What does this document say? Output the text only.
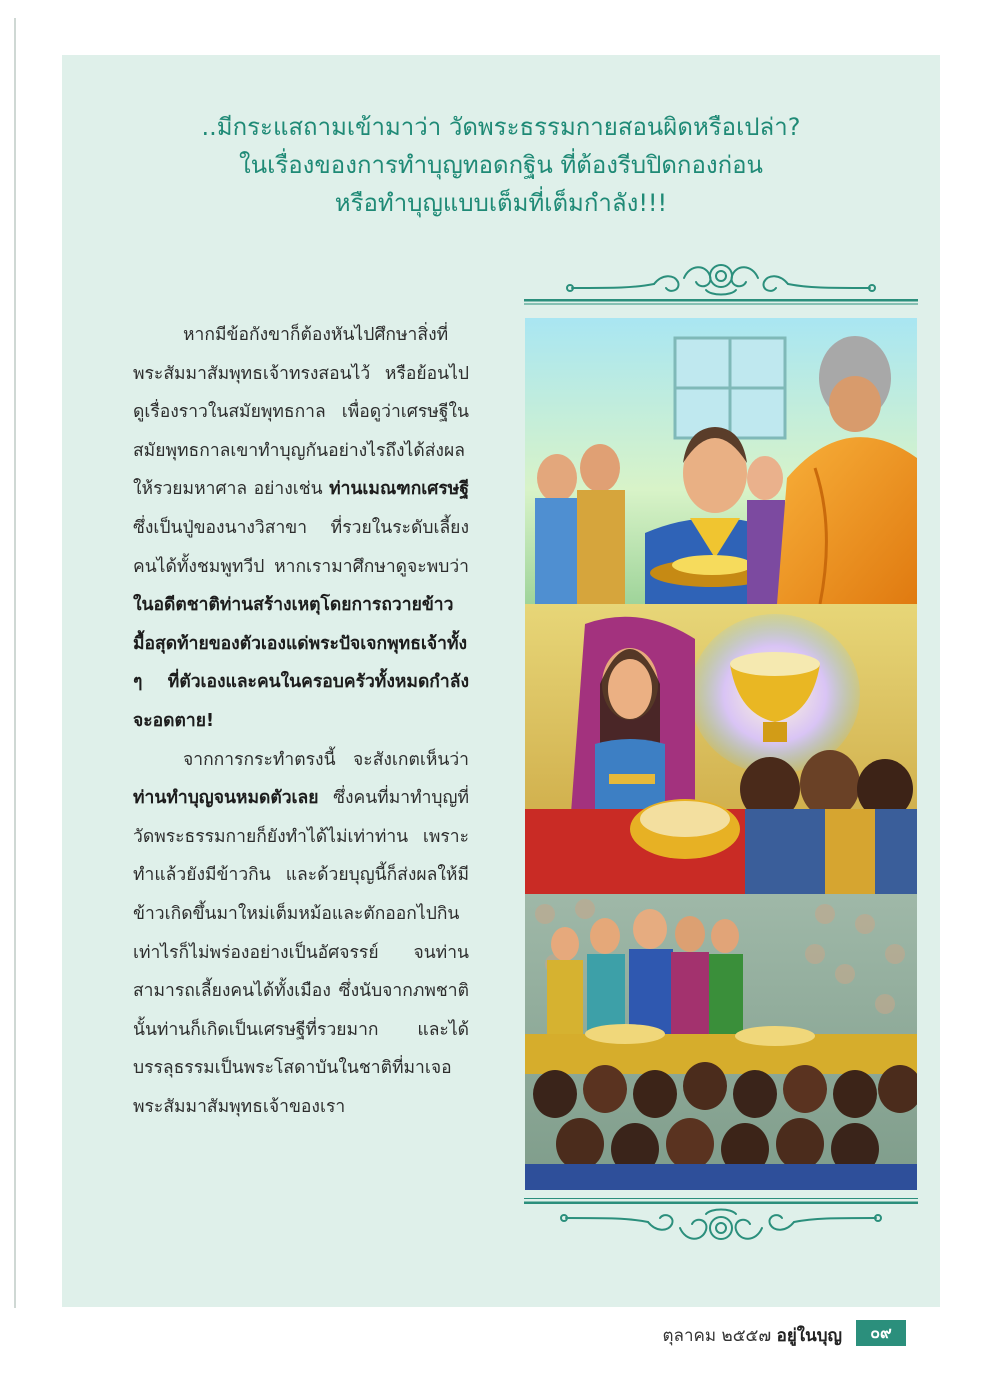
..มีกระแสถามเข้ามาว่า วัดพระธรรมกายสอนผิดหรือเปล่า?
ในเรื่องของการทำบุญทอดกฐิน ที่ต้องรีบปิดกองก่อน
หรือทำบุญแบบเต็มที่เต็มกำลัง!!!

หากมีข้อกังขาก็ต้องหันไปศึกษาสิ่งที่พระสัมมาสัมพุทธเจ้าทรงสอนไว้ หรือย้อนไปดูเรื่องราวในสมัยพุทธกาล เพื่อดูว่าเศรษฐีในสมัยพุทธกาลเขาทำบุญกันอย่างไรถึงได้ส่งผลให้รวยมหาศาล อย่างเช่น ท่านเมณฑกเศรษฐี ซึ่งเป็นปู่ของนางวิสาขา ที่รวยในระดับเลี้ยงคนได้ทั้งชมพูทวีป หากเรามาศึกษาดูจะพบว่า ในอดีตชาติท่านสร้างเหตุโดยการถวายข้าวมื้อสุดท้ายของตัวเองแด่พระปัจเจกพุทธเจ้าทั้ง ๆ ที่ตัวเองและคนในครอบครัวทั้งหมดกำลังจะอดตาย!

จากการกระทำตรงนี้ จะสังเกตเห็นว่า ท่านทำบุญจนหมดตัวเลย ซึ่งคนที่มาทำบุญที่วัดพระธรรมกายก็ยังทำได้ไม่เท่าท่าน เพราะทำแล้วยังมีข้าวกิน และด้วยบุญนี้ก็ส่งผลให้มีข้าวเกิดขึ้นมาใหม่เต็มหม้อและตักออกไปกินเท่าไรก็ไม่พร่องอย่างเป็นอัศจรรย์ จนท่านสามารถเลี้ยงคนได้ทั้งเมือง ซึ่งนับจากภพชาตินั้นท่านก็เกิดเป็นเศรษฐีที่รวยมาก และได้บรรลุธรรมเป็นพระโสดาบันในชาติที่มาเจอพระสัมมาสัมพุทธเจ้าของเรา

ตุลาคม ๒๕๕๗ อยู่ในบุญ	๐๙
